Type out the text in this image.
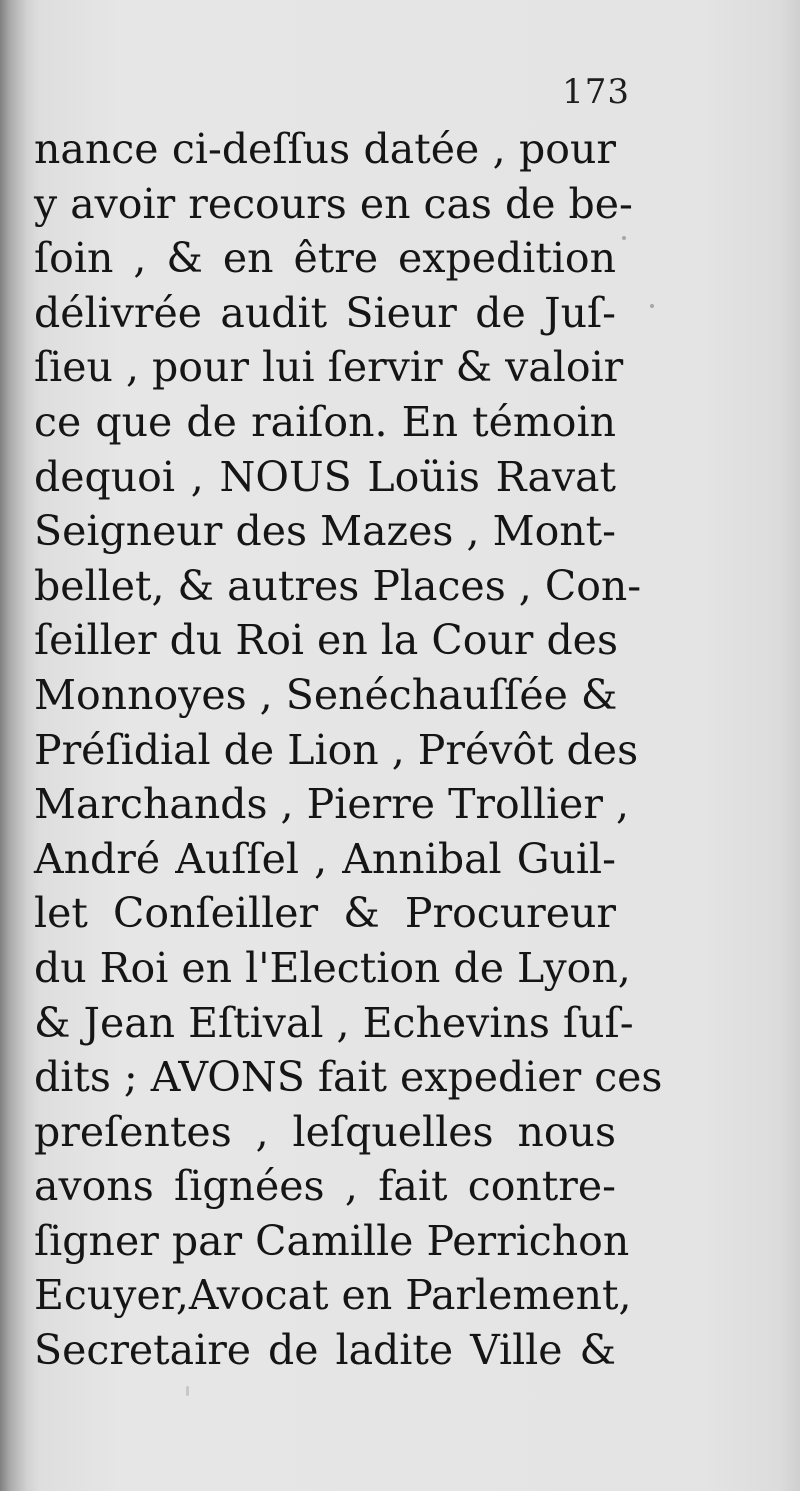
173
nance ci-deſſus datée , pour
y avoir recours en cas de be-
ſoin , & en être expedition
délivrée audit Sieur de Juſ-
ſieu , pour lui ſervir & valoir
ce que de raiſon. En témoin
dequoi , NOUS Loüis Ravat
Seigneur des Mazes , Mont-
bellet, & autres Places , Con-
ſeiller du Roi en la Cour des
Monnoyes , Senéchauſſée &
Préſidial de Lion , Prévôt des
Marchands , Pierre Trollier ,
André Auſſel , Annibal Guil-
let Conſeiller & Procureur
du Roi en l'Election de Lyon,
& Jean Eſtival , Echevins ſuſ-
dits ; AVONS fait expedier ces
preſentes , leſquelles nous
avons ſignées , fait contre-
ſigner par Camille Perrichon
Ecuyer,Avocat en Parlement,
Secretaire de ladite Ville &
